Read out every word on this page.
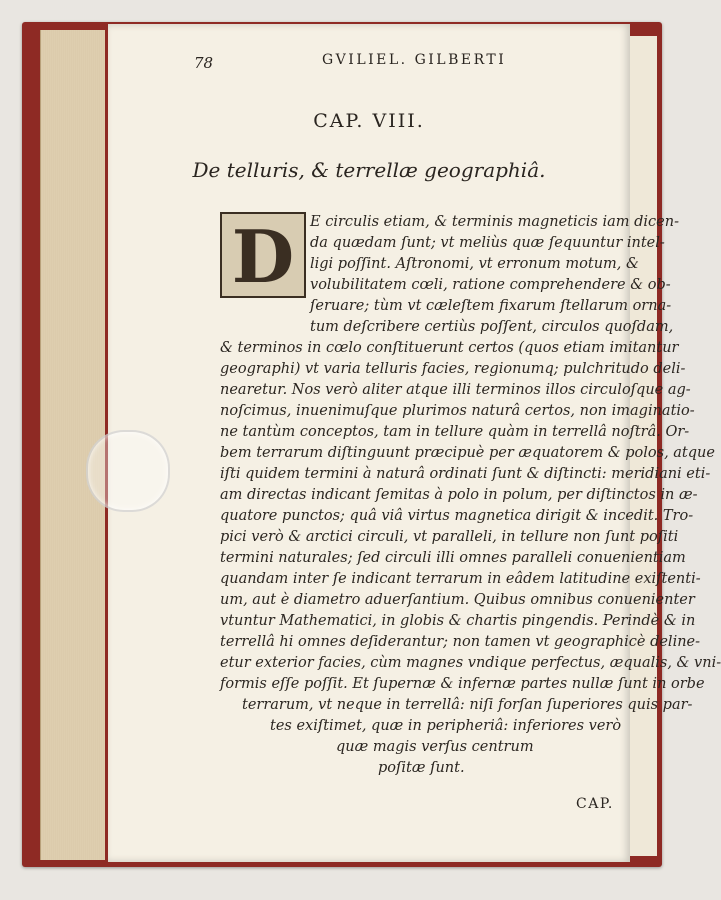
78	GVILIEL. GILBERTI
CAP. VIII.
De telluris, & terrellæ geographiâ.
D	E circulis etiam, & terminis magneticis iam dicen-
da quædam ſunt; vt meliùs quæ ſequuntur intel-
ligi poſſint. Aſtronomi, vt erronum motum, &
volubilitatem cœli, ratione comprehendere & ob-
ſeruare; tùm vt cæleſtem fixarum ſtellarum orna-
tum deſcribere certiùs poſſent, circulos quoſdam,
& terminos in cœlo conſtituerunt certos (quos etiam imitantur
geographi) vt varia telluris facies, regionumq; pulchritudo deli-
nearetur. Nos verò aliter atque illi terminos illos circuloſque ag-
noſcimus, inuenimuſque plurimos naturâ certos, non imaginatio-
ne tantùm conceptos, tam in tellure quàm in terrellâ noſtrâ. Or-
bem terrarum diſtinguunt præcipuè per æquatorem & polos, atque
iſti quidem termini à naturâ ordinati ſunt & diſtincti: meridiani eti-
am directas indicant ſemitas à polo in polum, per diſtinctos in æ-
quatore punctos; quâ viâ virtus magnetica dirigit & incedit. Tro-
pici verò & arctici circuli, vt paralleli, in tellure non ſunt poſiti
termini naturales; ſed circuli illi omnes paralleli conuenientiam
quandam inter ſe indicant terrarum in eâdem latitudine exiſtenti-
um, aut è diametro aduerſantium. Quibus omnibus conuenienter
vtuntur Mathematici, in globis & chartis pingendis. Perindè & in
terrellâ hi omnes deſiderantur; non tamen vt geographicè deline-
etur exterior facies, cùm magnes vndique perfectus, æqualis, & vni-
formis eſſe poſſit. Et ſupernæ & infernæ partes nullæ ſunt in orbe
terrarum, vt neque in terrellâ: niſi forſan ſuperiores quis par-
tes exiſtimet, quæ in peripheriâ: inferiores verò
quæ magis verſus centrum
poſitæ ſunt.
CAP.
